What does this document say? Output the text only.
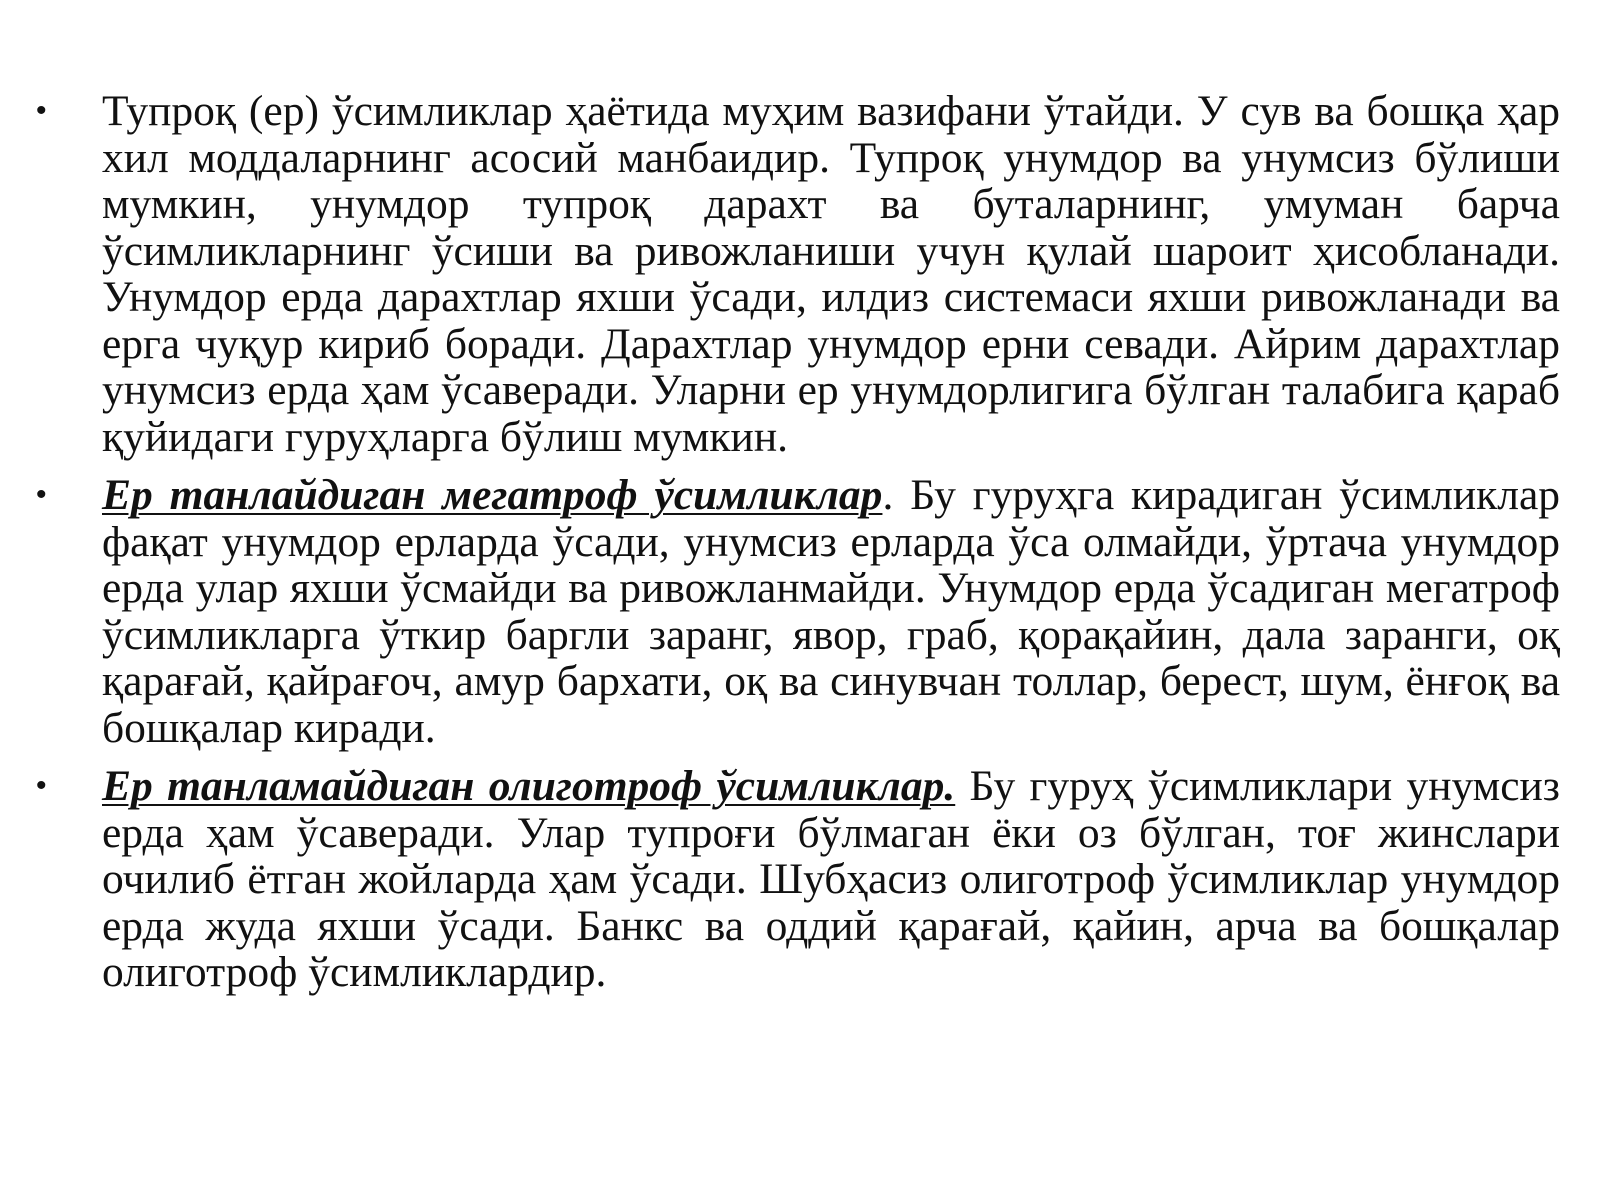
•	Тупроқ (ер) ўсимликлар ҳаётида муҳим вазифани ўтайди. У сув ва бошқа ҳар хил моддаларнинг асосий манбаидир. Тупроқ унумдор ва унумсиз бўлиши мумкин, унумдор тупроқ дарахт ва буталарнинг, умуман барча ўсимликларнинг ўсиши ва ривожланиши учун қулай шароит ҳисобланади. Унумдор ерда дарахтлар яхши ўсади, илдиз системаси яхши ривожланади ва ерга чуқур кириб боради. Дарахтлар унумдор ерни севади. Айрим дарахтлар унумсиз ерда ҳам ўсаверади. Уларни ер унумдорлигига бўлган талабига қараб қуйидаги гуруҳларга бўлиш мумкин.
•	Ер танлайдиган мегатроф ўсимликлар. Бу гуруҳга кирадиган ўсимликлар фақат унумдор ерларда ўсади, унумсиз ерларда ўса олмайди, ўртача унумдор ерда улар яхши ўсмайди ва ривожланмайди. Унумдор ерда ўсадиган мегатроф ўсимликларга ўткир баргли заранг, явор, граб, қорақайин, дала заранги, оқ қарағай, қайрағоч, амур бархати, оқ ва синувчан толлар, берест, шум, ёнғоқ ва бошқалар киради.
•	Ер танламайдиган олиготроф ўсимликлар. Бу гуруҳ ўсимликлари унумсиз ерда ҳам ўсаверади. Улар тупроғи бўлмаган ёки оз бўлган, тоғ жинслари очилиб ётган жойларда ҳам ўсади. Шубҳасиз олиготроф ўсимликлар унумдор ерда жуда яхши ўсади. Банкс ва оддий қарағай, қайин, арча ва бошқалар олиготроф ўсимликлардир.
